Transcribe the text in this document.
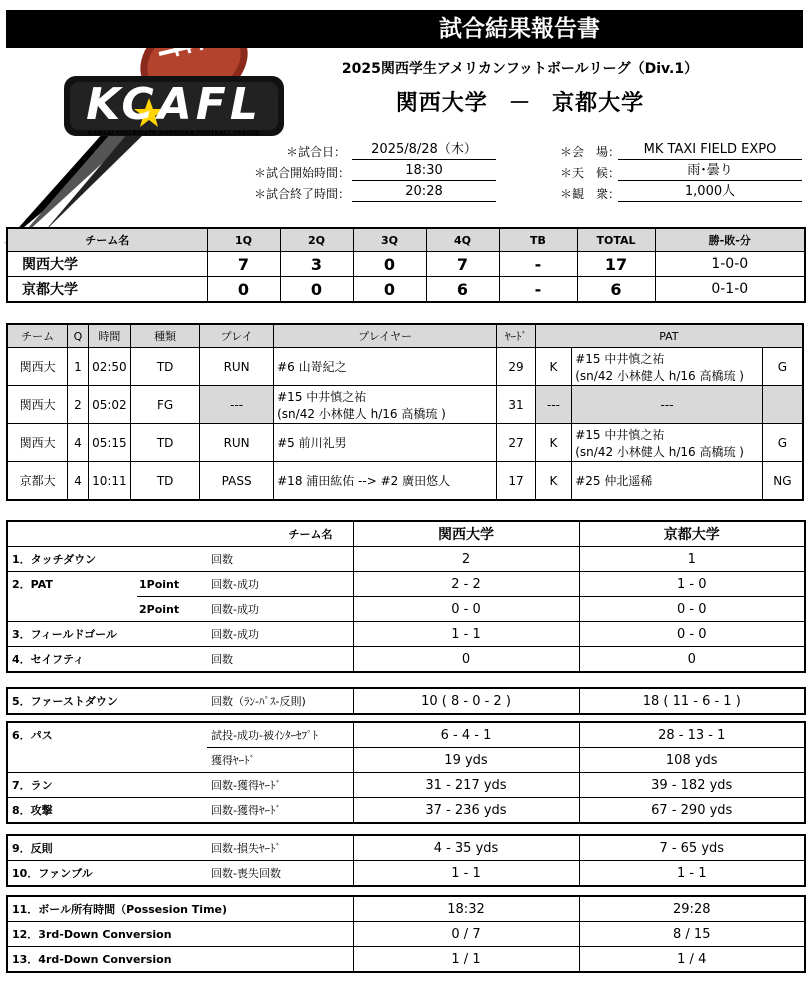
KCAFL
KANSAI COLLEGIATE AMERICAN FOOTBALL LEAGUE
試合結果報告書
2025関西学生アメリカンフットボールリーグ（Div.1）
関西大学 － 京都大学
＊試合日：	2025/8/28（木）
＊試合開始時間：	18:30
＊試合終了時間：	20:28
＊会　場：	MK TAXI FIELD EXPO
＊天　候：	雨･曇り
＊観　衆：	1,000人
チーム名	1Q	2Q	3Q	4Q	TB	TOTAL	勝-敗-分
関西大学	7	3	0	7	-	17	1-0-0
京都大学	0	0	0	6	-	6	0-1-0
チーム	Q	時間	種類	プレイ	プレイヤー	ﾔｰﾄﾞ	PAT		
関西大	1	02:50	TD	RUN	#6 山嵜紀之	29	K	#15 中井慎之祐
(sn/42 小林健人 h/16 高橋琉 )	G
関西大	2	05:02	FG	---	#15 中井慎之祐
(sn/42 小林健人 h/16 高橋琉 )	31	---	---	
関西大	4	05:15	TD	RUN	#5 前川礼男	27	K	#15 中井慎之祐
(sn/42 小林健人 h/16 高橋琉 )	G
京都大	4	10:11	TD	PASS	#18 浦田紘佑 --> #2 廣田悠人	17	K	#25 仲北遥稀	NG
チーム名			関西大学	京都大学
1．タッチダウン		回数	2	1
2．PAT	1Point	回数-成功	2 - 2	1 - 0
	2Point	回数-成功	0 - 0	0 - 0
3．フィールドゴール		回数-成功	1 - 1	0 - 0
4．セイフティ		回数	0	0
5．ファーストダウン	回数（ﾗﾝ-ﾊﾟｽ-反則)	10 ( 8 - 0 - 2 )	18 ( 11 - 6 - 1 )
6．パス	試投-成功-被ｲﾝﾀｰｾﾌﾟﾄ	6 - 4 - 1	28 - 13 - 1
	獲得ﾔｰﾄﾞ	19 yds	108 yds
7．ラン	回数-獲得ﾔｰﾄﾞ	31 - 217 yds	39 - 182 yds
8．攻撃	回数-獲得ﾔｰﾄﾞ	37 - 236 yds	67 - 290 yds
9．反則	回数-損失ﾔｰﾄﾞ	4 - 35 yds	7 - 65 yds
10．ファンブル	回数-喪失回数	1 - 1	1 - 1
11．ボール所有時間（Possesion Time)	18:32	29:28
12．3rd-Down Conversion	0 / 7	8 / 15
13．4rd-Down Conversion	1 / 1	1 / 4
